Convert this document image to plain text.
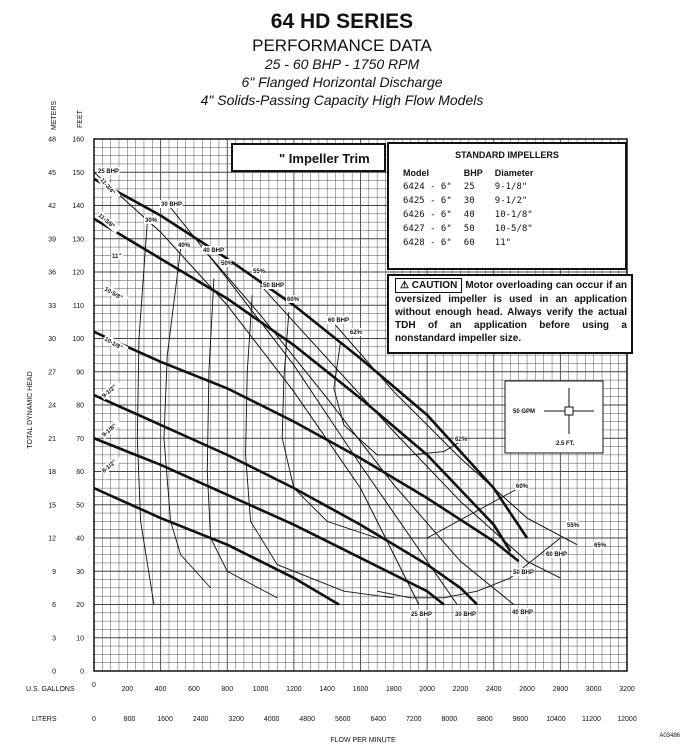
64 HD SERIES
PERFORMANCE DATA
25 - 60 BHP - 1750 RPM
6" Flanged Horizontal Discharge
4" Solids-Passing Capacity High Flow Models
11-3/4"
11-3/8"
11"
10-5/8"
10-1/8"
9-1/2"
9-1/8"
8-1/2"
25 BHP
30 BHP
40 BHP
50 BHP
60 BHP
30%
40%
50%
55%
60%
62%
25 BHP	30 BHP	40 BHP
50 BHP
60 BHP
60%
62%
65%
55%
0
10
20
30
40
50
60
70
80
90
100
110
120
130
140
150
160
0
3
6
9
12
15
18
21
24
27
30
33
36
39
42
45
48
METERS	FEET
TOTAL DYNAMIC HEAD
0
200	400	600	800	1000	1200	1400	1600	1800	2000	2200	2400	2600	2800	3000	3200
0	800	1600	2400	3200	4000	4800	5600	6400	7200	8000	8800	9600	10400 11200 12000
U.S. GALLONS
LITERS
FLOW PER MINUTE
50 GPM
2.5 FT.
" Impeller Trim	STANDARD IMPELLERS
Model	BHP	Diameter
6424 - 6"	25	9-1/8"
6425 - 6"	30	9-1/2"
6426 - 6"	40	10-1/8"
6427 - 6"	50	10-5/8"
6428 - 6"	60	11"
⚠ CAUTION Motor overloading can occur if an oversized impeller is used in an application without enough head. Always verify the actual TDH of an application before using a nonstandard impeller size.
A03486
